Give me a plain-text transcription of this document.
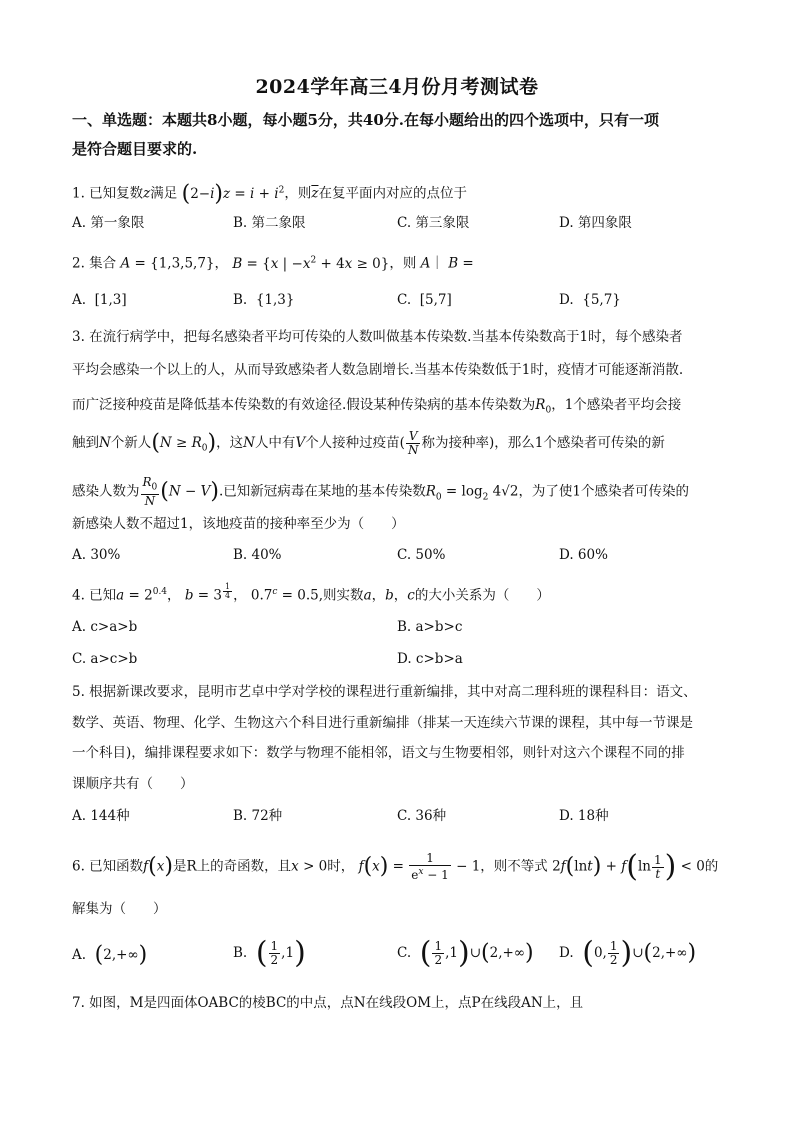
2024学年高三4月份月考测试卷
一、单选题：本题共8小题，每小题5分，共40分.在每小题给出的四个选项中，只有一项
是符合题目要求的.
1. 已知复数z满足 $(2-i)z = i + i^2$，则$\overline{z}$在复平面内对应的点位于
A. 第一象限	B. 第二象限	C. 第三象限	D. 第四象限
2. 集合 A = {1,3,5,7}， B = {x | $-x^2 + 4x \ge 0$}，则 A｜ B =
A. [1,3]	B. {1,3}	C. [5,7]	D. {5,7}
3. 在流行病学中，把每名感染者平均可传染的人数叫做基本传染数.当基本传染数高于1时，每个感染者
平均会感染一个以上的人，从而导致感染者人数急剧增长.当基本传染数低于1时，疫情才可能逐渐消散.
而广泛接种疫苗是降低基本传染数的有效途径.假设某种传染病的基本传染数为$R_0$，1个感染者平均会接
触到N个新人$(N \ge R_0)$，这N人中有V个人接种过疫苗( $\frac{V}{N}$ 称为接种率)，那么1个感染者可传染的新
感染人数为 $\frac{R_0}{N} (N - V)$.已知新冠病毒在某地的基本传染数$R_0 = \log_2 4√2$，为了使1个感染者可传染的
新感染人数不超过1，该地疫苗的接种率至少为（　　）
A. 30%	B. 40%	C. 50%	D. 60%
4. 已知$a = 2^{0.4}$， b = 3 $^{\frac{1}{4}}$ ， 0.7$^c$ = 0.5,则实数a，b，c的大小关系为（　　）
A. c>a>b	B. a>b>c
C. a>c>b	D. c>b>a
5. 根据新课改要求，昆明市艺卓中学对学校的课程进行重新编排，其中对高二理科班的课程科目：语文、
数学、英语、物理、化学、生物这六个科目进行重新编排（排某一天连续六节课的课程，其中每一节课是
一个科目)，编排课程要求如下：数学与物理不能相邻，语文与生物要相邻，则针对这六个课程不同的排
课顺序共有（　　）
A. 144种	B. 72种	C. 36种	D. 18种
6. 已知函数f(x)是R上的奇函数，且x > 0时， $f(x) = \frac{1}{e^x - 1} - 1$，则不等式 $2f(\ln t) + f(\ln \frac{1}{t}$ ) < 0的
解集为（　　）
A. (2,+∞)	B. ( $\frac{1}{2} ,1$)	C. ( $\frac{1}{2}$ ,1)∪(2,+∞) D. (0, $\frac{1}{2}$ )∪(2,+∞)
7. 如图，M是四面体OABC的棱BC的中点，点N在线段OM上，点P在线段AN上，且
